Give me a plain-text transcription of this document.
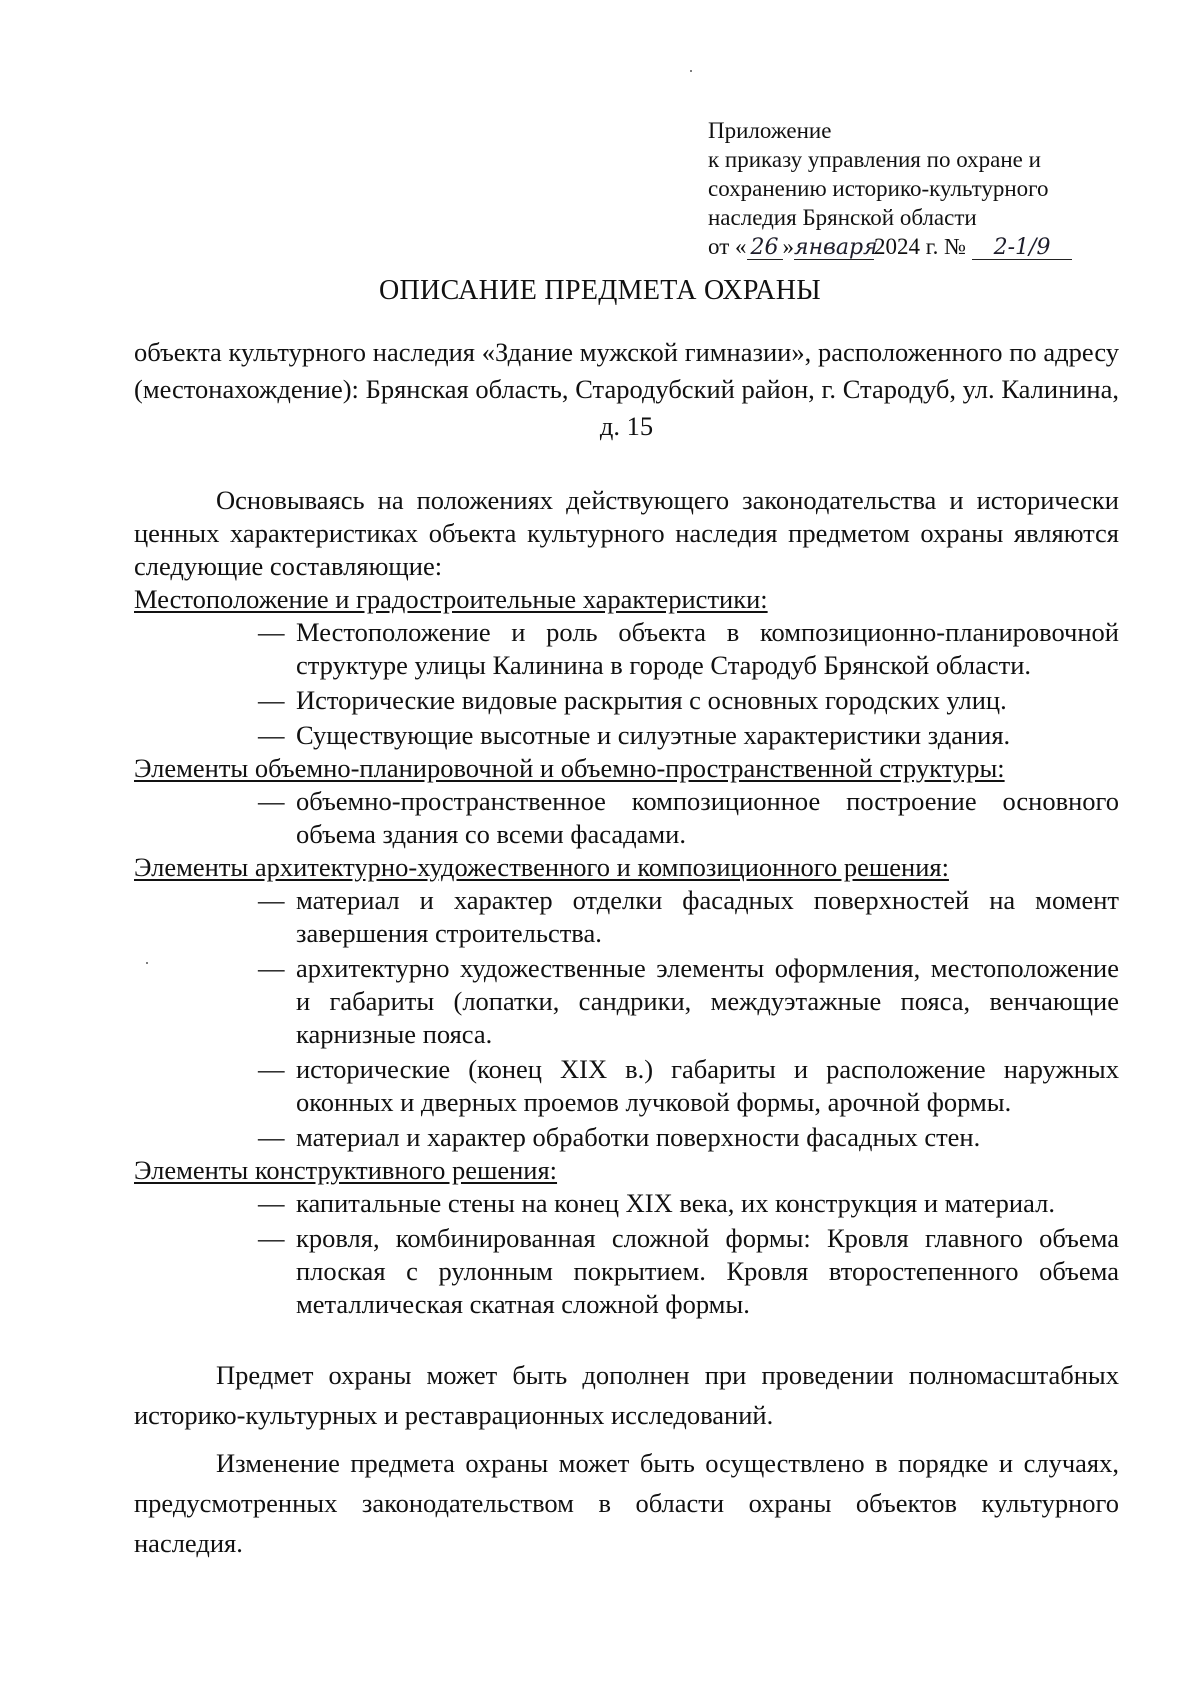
Приложение
к приказу управления по охране и
сохранению историко-культурного
наследия Брянской области
от « 26 »января2024 г. № 2-1/9
ОПИСАНИЕ ПРЕДМЕТА ОХРАНЫ
объекта культурного наследия «Здание мужской гимназии», расположенного по адресу (местонахождение): Брянская область, Стародубский район, г. Стародуб, ул. Калинина, д. 15

Основываясь на положениях действующего законодательства и исторически ценных характеристиках объекта культурного наследия предметом охраны являются следующие составляющие:

Местоположение и градостроительные характеристики:

— Местоположение и роль объекта в композиционно-планировочной структуре улицы Калинина в городе Стародуб Брянской области.
— Исторические видовые раскрытия с основных городских улиц.
— Существующие высотные и силуэтные характеристики здания.

Элементы объемно-планировочной и объемно-пространственной структуры:

— объемно-пространственное композиционное построение основного объема здания со всеми фасадами.

Элементы архитектурно-художественного и композиционного решения:

— материал и характер отделки фасадных поверхностей на момент завершения строительства.
— архитектурно художественные элементы оформления, местоположение и габариты (лопатки, сандрики, междуэтажные пояса, венчающие карнизные пояса.
— исторические (конец XIX в.) габариты и расположение наружных оконных и дверных проемов лучковой формы, арочной формы.
— материал и характер обработки поверхности фасадных стен.

Элементы конструктивного решения:

— капитальные стены на конец XIX века, их конструкция и материал.
— кровля, комбинированная сложной формы: Кровля главного объема плоская с рулонным покрытием. Кровля второстепенного объема металлическая скатная сложной формы.

Предмет охраны может быть дополнен при проведении полномасштабных историко-культурных и реставрационных исследований.

Изменение предмета охраны может быть осуществлено в порядке и случаях, предусмотренных законодательством в области охраны объектов культурного наследия.
